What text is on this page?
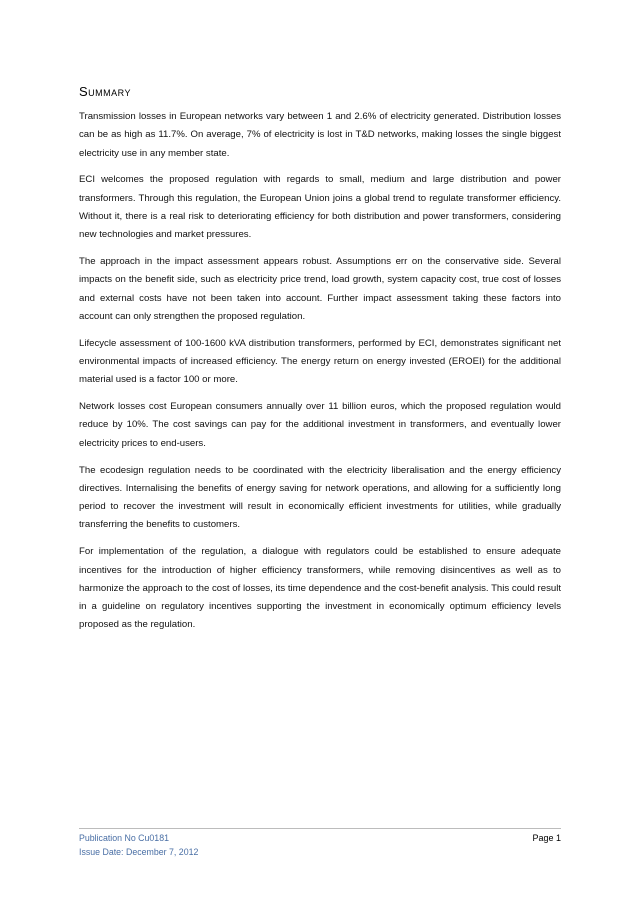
Summary

Transmission losses in European networks vary between 1 and 2.6% of electricity generated. Distribution losses can be as high as 11.7%. On average, 7% of electricity is lost in T&D networks, making losses the single biggest electricity use in any member state.

ECI welcomes the proposed regulation with regards to small, medium and large distribution and power transformers. Through this regulation, the European Union joins a global trend to regulate transformer efficiency. Without it, there is a real risk to deteriorating efficiency for both distribution and power transformers, considering new technologies and market pressures.

The approach in the impact assessment appears robust. Assumptions err on the conservative side. Several impacts on the benefit side, such as electricity price trend, load growth, system capacity cost, true cost of losses and external costs have not been taken into account. Further impact assessment taking these factors into account can only strengthen the proposed regulation.

Lifecycle assessment of 100-1600 kVA distribution transformers, performed by ECI, demonstrates significant net environmental impacts of increased efficiency. The energy return on energy invested (EROEI) for the additional material used is a factor 100 or more.

Network losses cost European consumers annually over 11 billion euros, which the proposed regulation would reduce by 10%. The cost savings can pay for the additional investment in transformers, and eventually lower electricity prices to end-users.

The ecodesign regulation needs to be coordinated with the electricity liberalisation and the energy efficiency directives. Internalising the benefits of energy saving for network operations, and allowing for a sufficiently long period to recover the investment will result in economically efficient investments for utilities, while gradually transferring the benefits to customers.

For implementation of the regulation, a dialogue with regulators could be established to ensure adequate incentives for the introduction of higher efficiency transformers, while removing disincentives as well as to harmonize the approach to the cost of losses, its time dependence and the cost-benefit analysis. This could result in a guideline on regulatory incentives supporting the investment in economically optimum efficiency levels proposed as the regulation.

Publication No Cu0181	Page 1
Issue Date: December 7, 2012
